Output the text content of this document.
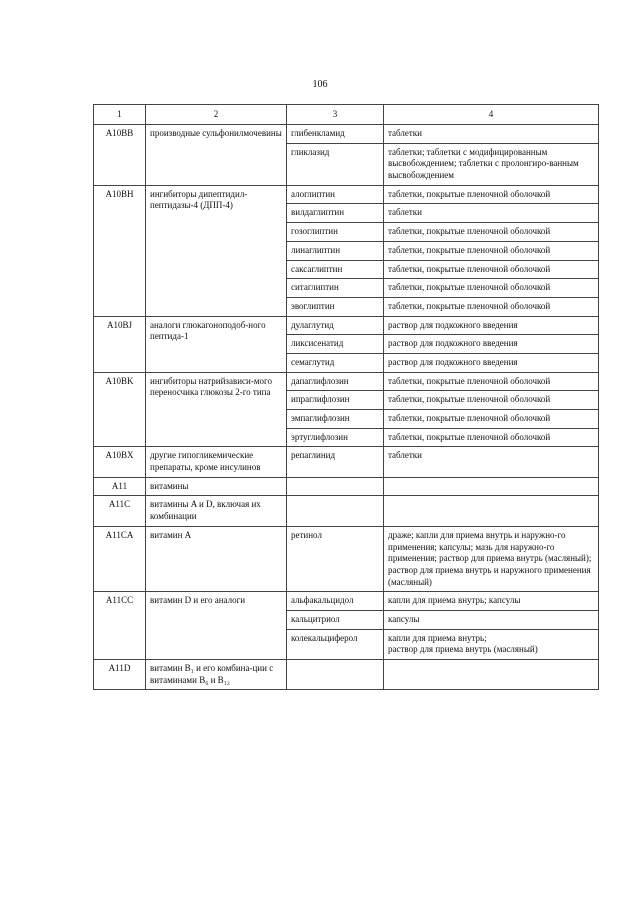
106
1	2	3	4
A10BB	производные сульфонилмочевины	глибенкламид	таблетки
		гликлазид	таблетки; таблетки с модифицированным высвобождением; таблетки с пролонгиро-ванным высвобождением
A10BH	ингибиторы дипептидил-пептидазы-4 (ДПП-4)	алоглиптин	таблетки, покрытые пленочной оболочкой
		вилдаглиптин	таблетки
		гозоглиптин	таблетки, покрытые пленочной оболочкой
		линаглиптин	таблетки, покрытые пленочной оболочкой
		саксаглиптин	таблетки, покрытые пленочной оболочкой
		ситаглиптин	таблетки, покрытые пленочной оболочкой
		эвоглиптин	таблетки, покрытые пленочной оболочкой
A10BJ	аналоги глюкагоноподоб-ного пептида-1	дулаглутид	раствор для подкожного введения
		ликсисенатид	раствор для подкожного введения
		семаглутид	раствор для подкожного введения
A10BK	ингибиторы натрийзависи-мого переносчика глюкозы 2-го типа	дапаглифлозин	таблетки, покрытые пленочной оболочкой
		ипраглифлозин	таблетки, покрытые пленочной оболочкой
		эмпаглифлозин	таблетки, покрытые пленочной оболочкой
		эртуглифлозин	таблетки, покрытые пленочной оболочкой
A10BX	другие гипогликемические препараты, кроме инсулинов	репаглинид	таблетки
A11	витамины		
A11C	витамины A и D, включая их комбинации		
A11CA	витамин A	ретинол	драже; капли для приема внутрь и наружно-го применения; капсулы; мазь для наружно-го применения; раствор для приема внутрь (масляный); раствор для приема внутрь и наружного применения (масляный)
A11CC	витамин D и его аналоги	альфакальцидол	капли для приема внутрь; капсулы
		кальцитриол	капсулы
		колекальциферол	капли для приема внутрь;
раствор для приема внутрь (масляный)
A11D	витамин B₁ и его комбина-ции с витаминами B₆ и B₁₂		
